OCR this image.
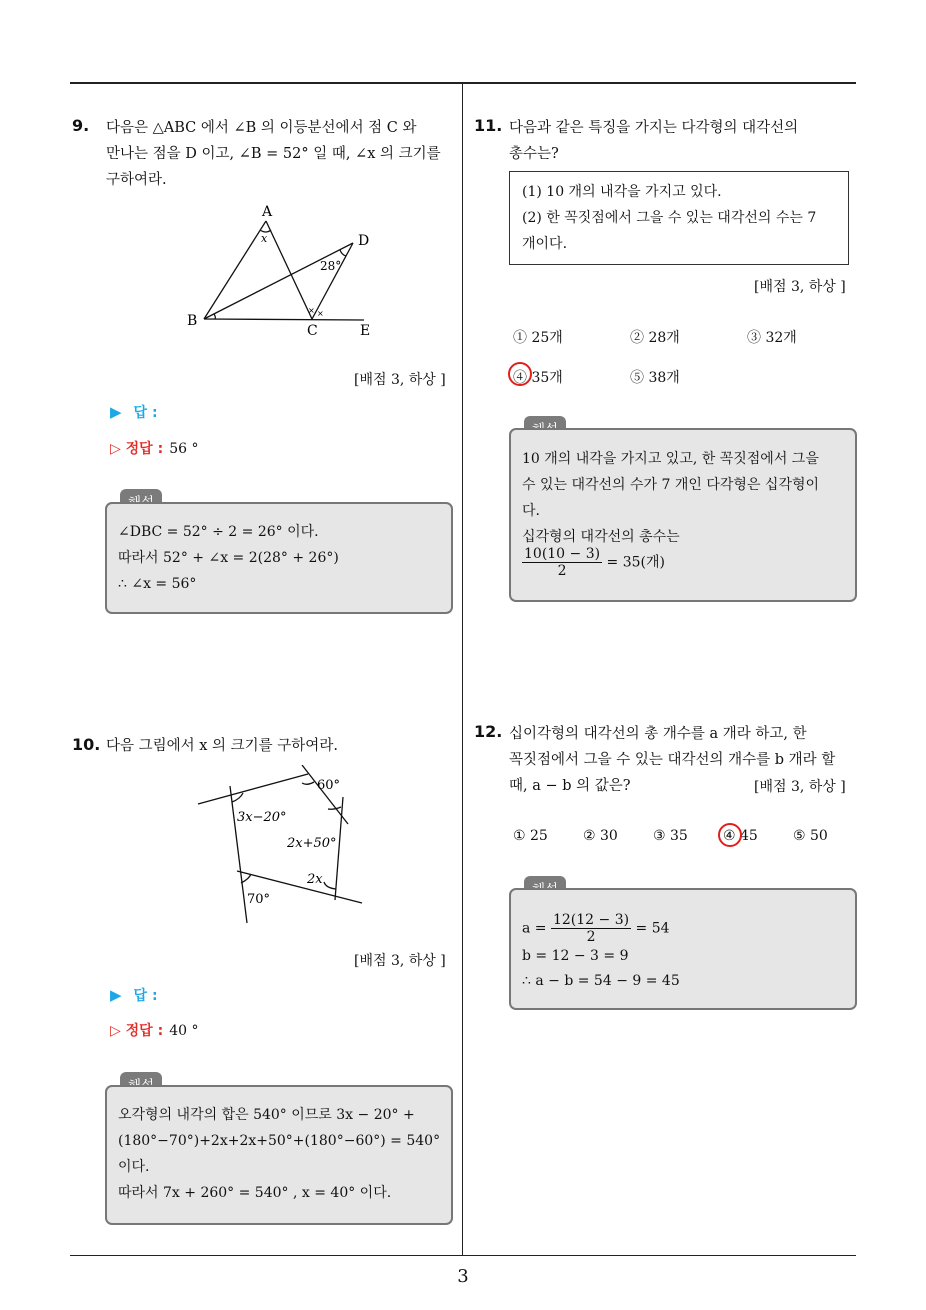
3
9. 다음은 △ABC 에서 ∠B 의 이등분선에서 점 C 와
만나는 점을 D 이고, ∠B = 52° 일 때, ∠x 의 크기를
구하여라.
A
B
C
D
E
x
28°
× ×
[배점 3, 하상 ]
▶ 답 :
▷ 정답 : 56 °
∠DBC = 52° ÷ 2 = 26° 이다.
따라서 52° + ∠x = 2(28° + 26°)
∴ ∠x = 56°
10. 다음 그림에서 x 의 크기를 구하여라.
60°
3x−20°
2x+50°
2x
70°
[배점 3, 하상 ]
▶ 답 :
▷ 정답 : 40 °
오각형의 내각의 합은 540° 이므로 3x − 20° +
(180°−70°)+2x+2x+50°+(180°−60°) = 540°
이다.
따라서 7x + 260° = 540° , x = 40° 이다.
11. 다음과 같은 특징을 가지는 다각형의 대각선의
총수는?
(1) 10 개의 내각을 가지고 있다.
(2) 한 꼭짓점에서 그을 수 있는 대각선의 수는 7
개이다.
[배점 3, 하상 ]
① 25개	② 28개	③ 32개
④ 35개	⑤ 38개
10 개의 내각을 가지고 있고, 한 꼭짓점에서 그을
수 있는 대각선의 수가 7 개인 다각형은 십각형이
다.
십각형의 대각선의 총수는
$\frac{10(10 - 3)}{2} = 35$(개)
12. 십이각형의 대각선의 총 개수를 a 개라 하고, 한
꼭짓점에서 그을 수 있는 대각선의 개수를 b 개라 할
때, a − b 의 값은?	[배점 3, 하상 ]
① 25	② 30	③ 35	④ 45	⑤ 50
$a = \frac{12(12 - 3)}{2} = 54$
b = 12 − 3 = 9
∴ a − b = 54 − 9 = 45
